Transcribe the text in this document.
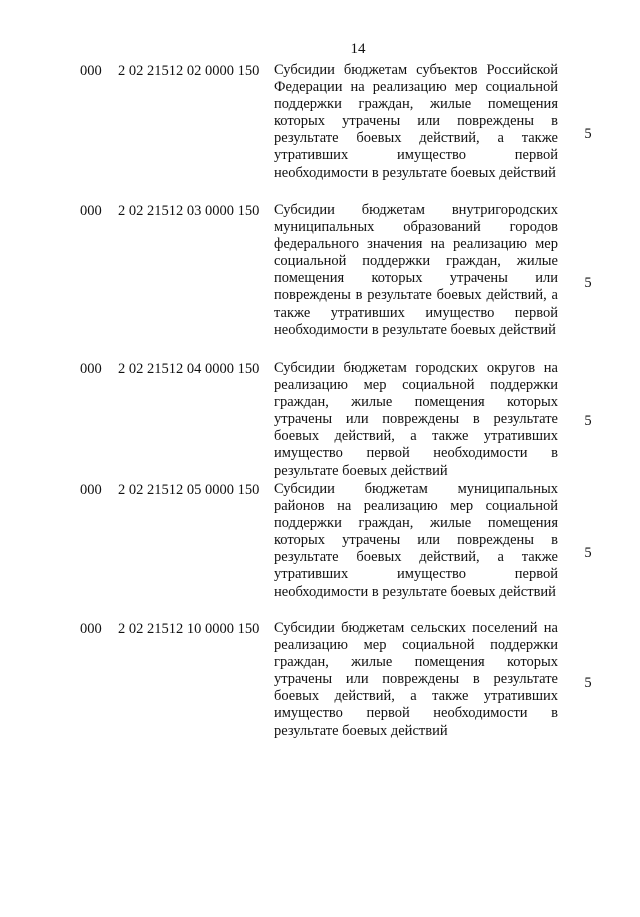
14
000 2 02 21512 02 0000 150 Субсидии бюджетам субъектов Российской Федерации на реализацию мер социальной поддержки граждан, жилые помещения которых утрачены или повреждены в результате боевых действий, а также утративших имущество первой необходимости в результате боевых действий
5
000 2 02 21512 03 0000 150 Субсидии бюджетам внутригородских муниципальных образований городов федерального значения на реализацию мер социальной поддержки граждан, жилые помещения которых утрачены или повреждены в результате боевых действий, а также утративших имущество первой необходимости в результате боевых действий
5
000 2 02 21512 04 0000 150 Субсидии бюджетам городских округов на реализацию мер социальной поддержки граждан, жилые помещения которых утрачены или повреждены в результате боевых действий, а также утративших имущество первой необходимости в результате боевых действий
5
000 2 02 21512 05 0000 150 Субсидии бюджетам муниципальных районов на реализацию мер социальной поддержки граждан, жилые помещения которых утрачены или повреждены в результате боевых действий, а также утративших имущество первой необходимости в результате боевых действий
5
000 2 02 21512 10 0000 150 Субсидии бюджетам сельских поселений на реализацию мер социальной поддержки граждан, жилые помещения которых утрачены или повреждены в результате боевых действий, а также утративших имущество первой необходимости в результате боевых действий
5
